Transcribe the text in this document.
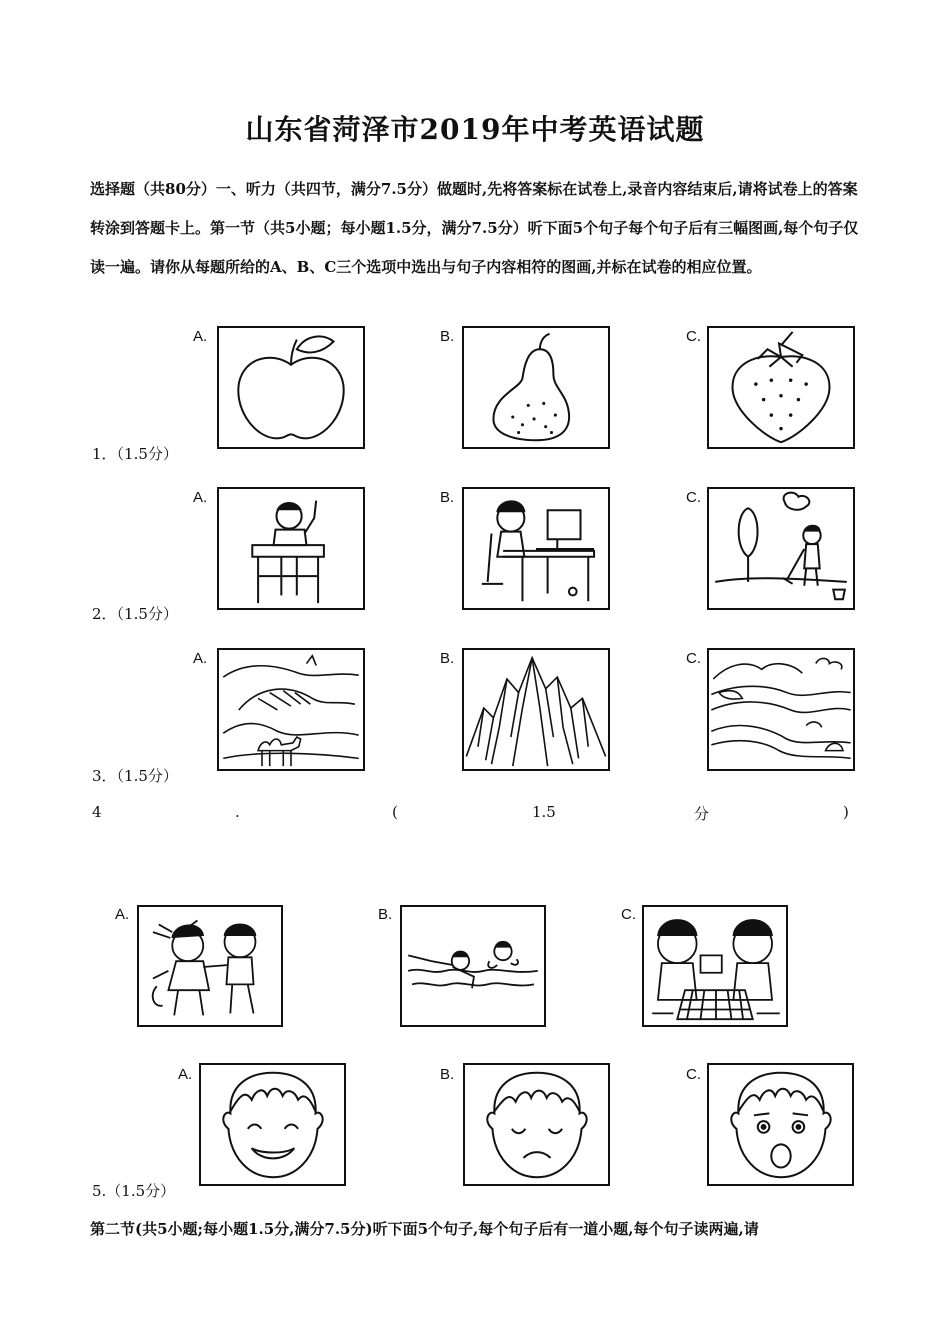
山东省菏泽市2019年中考英语试题
选择题（共80分）一、听力（共四节，满分7.5分）做题时,先将答案标在试卷上,录音内容结束后,请将试卷上的答案转涂到答题卡上。第一节（共5小题；每小题1.5分，满分7.5分）听下面5个句子每个句子后有三幅图画,每个句子仅读一遍。请你从每题所给的A、B、C三个选项中选出与句子内容相符的图画,并标在试卷的相应位置。
A.	B.	C.
1．（1.5分）
A.	B.	C.
2．（1.5分）
A.	B.	C.
3．（1.5分）
4	.	(	1.5	分	)
A.	B.	C.
A.	B.	C.
5.（1.5分）
第二节(共5小题;每小题1.5分,满分7.5分)听下面5个句子,每个句子后有一道小题,每个句子读两遍,请
